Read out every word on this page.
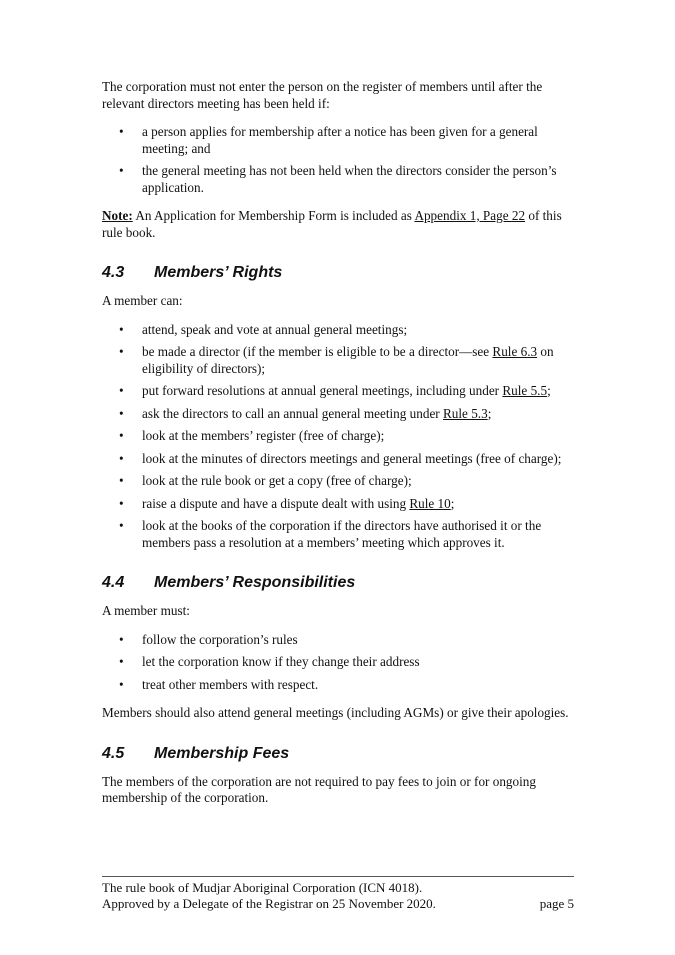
The corporation must not enter the person on the register of members until after the relevant directors meeting has been held if:

• a person applies for membership after a notice has been given for a general meeting; and
• the general meeting has not been held when the directors consider the person’s application.

Note: An Application for Membership Form is included as Appendix 1, Page 22 of this rule book.

4.3 Members’ Rights

A member can:

• attend, speak and vote at annual general meetings;
• be made a director (if the member is eligible to be a director—see Rule 6.3 on eligibility of directors);
• put forward resolutions at annual general meetings, including under Rule 5.5;
• ask the directors to call an annual general meeting under Rule 5.3;
• look at the members’ register (free of charge);
• look at the minutes of directors meetings and general meetings (free of charge);
• look at the rule book or get a copy (free of charge);
• raise a dispute and have a dispute dealt with using Rule 10;
• look at the books of the corporation if the directors have authorised it or the members pass a resolution at a members’ meeting which approves it.
4.4 Members’ Responsibilities

A member must:

• follow the corporation’s rules
• let the corporation know if they change their address
• treat other members with respect.

Members should also attend general meetings (including AGMs) or give their apologies.

4.5 Membership Fees

The members of the corporation are not required to pay fees to join or for ongoing membership of the corporation.

The rule book of Mudjar Aboriginal Corporation (ICN 4018).
Approved by a Delegate of the Registrar on 25 November 2020.	page 5
